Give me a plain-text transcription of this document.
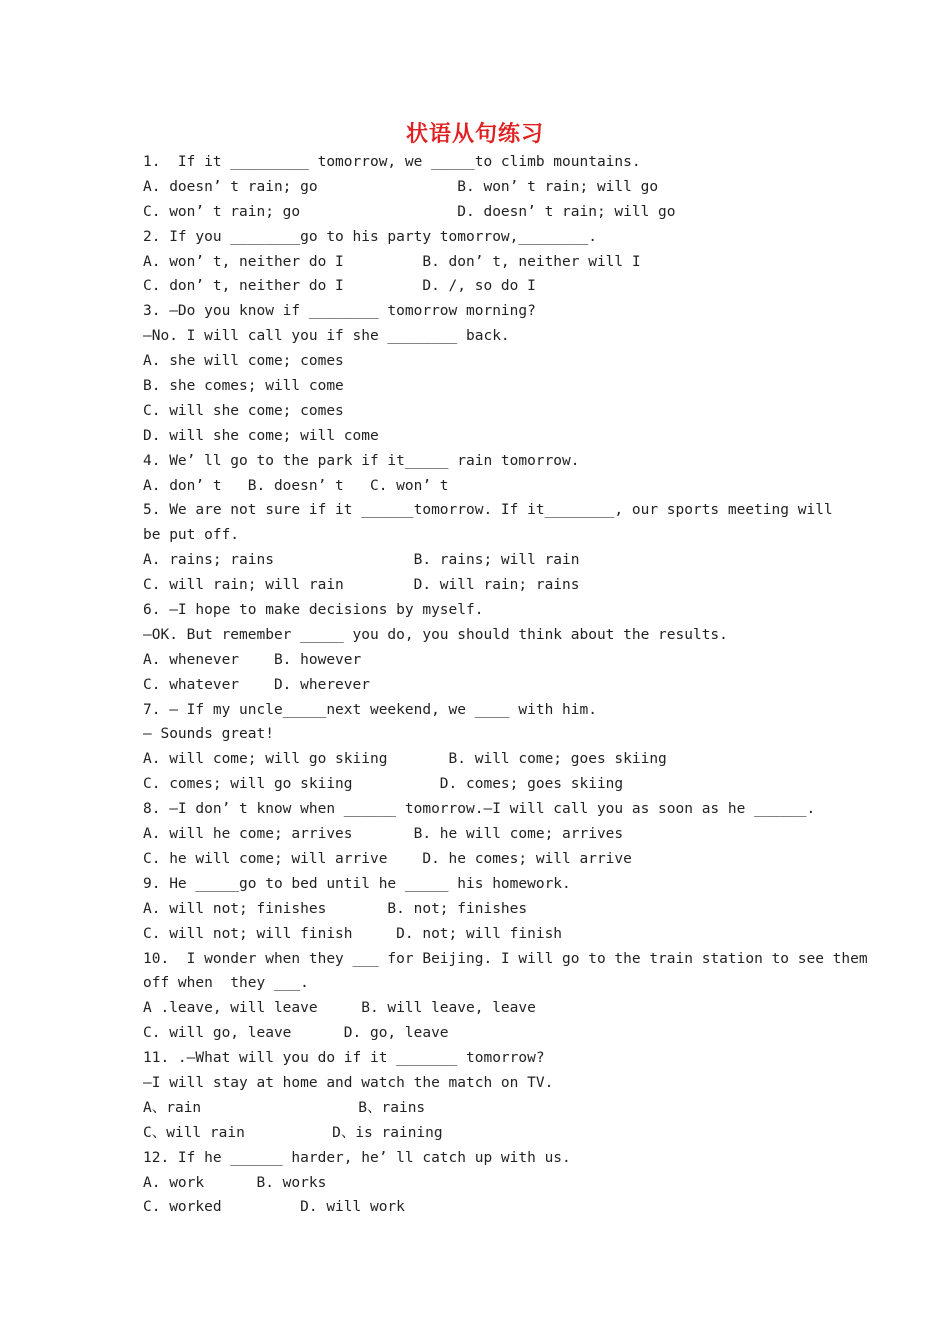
状语从句练习
1.  If it _________ tomorrow, we _____to climb mountains.
A. doesn’ t rain; go                B. won’ t rain; will go
C. won’ t rain; go                  D. doesn’ t rain; will go
2. If you ________go to his party tomorrow,________.
A. won’ t, neither do I         B. don’ t, neither will I
C. don’ t, neither do I         D. /, so do I
3. —Do you know if ________ tomorrow morning?
—No. I will call you if she ________ back.
A. she will come; comes
B. she comes; will come
C. will she come; comes
D. will she come; will come
4. We’ ll go to the park if it_____ rain tomorrow.
A. don’ t   B. doesn’ t   C. won’ t
5. We are not sure if it ______tomorrow. If it________, our sports meeting will
be put off.
A. rains; rains                B. rains; will rain
C. will rain; will rain        D. will rain; rains
6. —I hope to make decisions by myself.
—OK. But remember _____ you do, you should think about the results.
A. whenever    B. however
C. whatever    D. wherever
7. — If my uncle_____next weekend, we ____ with him.
— Sounds great!
A. will come; will go skiing       B. will come; goes skiing
C. comes; will go skiing          D. comes; goes skiing
8. —I don’ t know when ______ tomorrow.—I will call you as soon as he ______.
A. will he come; arrives       B. he will come; arrives
C. he will come; will arrive    D. he comes; will arrive
9. He _____go to bed until he _____ his homework.
A. will not; finishes       B. not; finishes
C. will not; will finish     D. not; will finish
10.  I wonder when they ___ for Beijing. I will go to the train station to see them
off when  they ___.
A .leave, will leave     B. will leave, leave
C. will go, leave      D. go, leave
11. .—What will you do if it _______ tomorrow?
—I will stay at home and watch the match on TV.
A、rain                  B、rains
C、will rain          D、is raining
12. If he ______ harder, he’ ll catch up with us.
A. work      B. works
C. worked         D. will work
